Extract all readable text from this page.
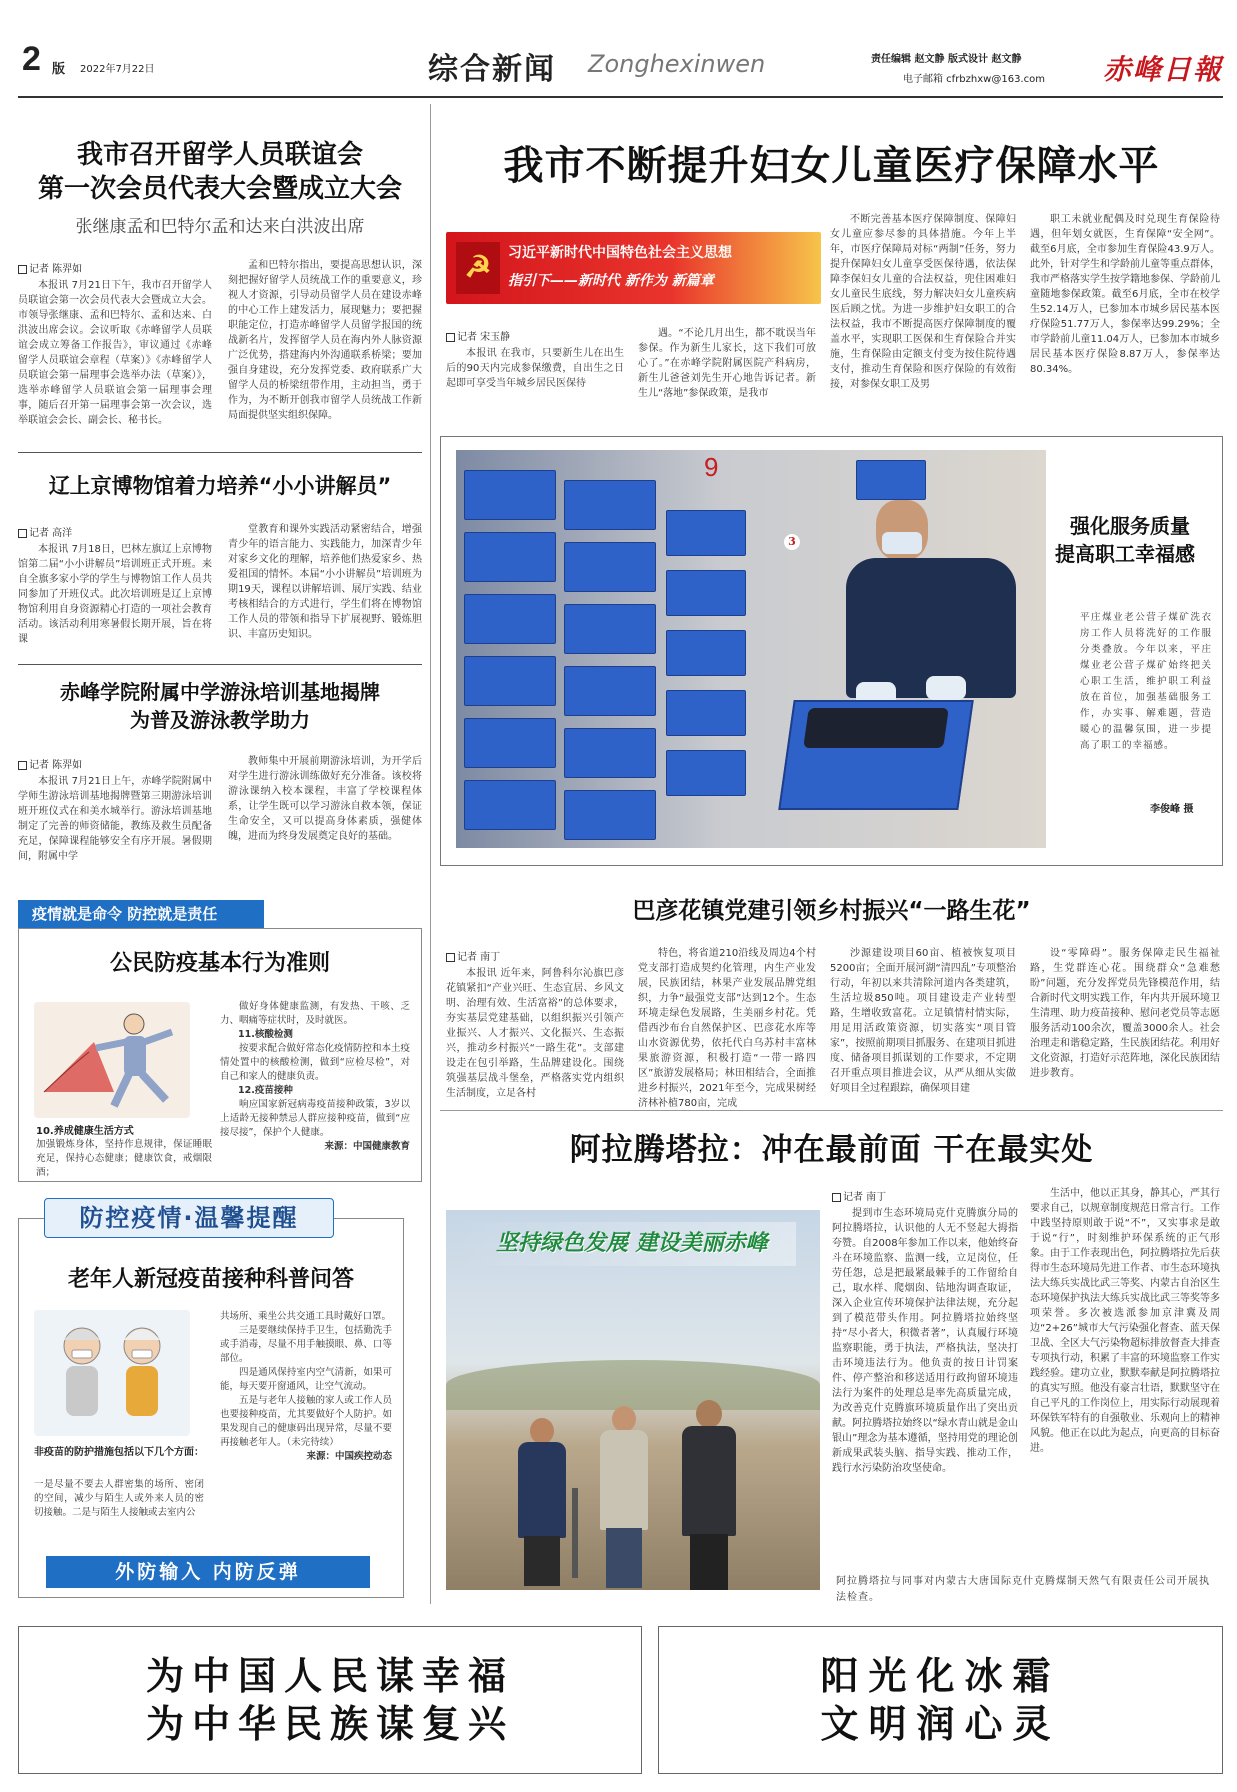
2 版 2022年7月22日	综合新闻 Zonghexinwen	责任编辑 赵文静 版式设计 赵文静
电子邮箱 cfrbzhxw@163.com 赤峰日報
我市召开留学人员联谊会
第一次会员代表大会暨成立大会
张继康孟和巴特尔孟和达来白洪波出席
记者 陈羿如

本报讯 7月21日下午，我市召开留学人员联谊会第一次会员代表大会暨成立大会。市领导张继康、孟和巴特尔、孟和达来、白洪波出席会议。会议听取《赤峰留学人员联谊会成立筹备工作报告》，审议通过《赤峰留学人员联谊会章程（草案）》《赤峰留学人员联谊会第一届理事会选举办法（草案）》，选举赤峰留学人员联谊会第一届理事会理事，随后召开第一届理事会第一次会议，选举联谊会会长、副会长、秘书长。

孟和巴特尔指出，要提高思想认识，深刻把握好留学人员统战工作的重要意义，珍视人才资源，引导动员留学人员在建设赤峰的中心工作上建发活力，展现魅力；要把握职能定位，打造赤峰留学人员留学报国的统战新名片，发挥留学人员在海内外人脉资源广泛优势，搭建海内外沟通联系桥梁；要加强自身建设，充分发挥党委、政府联系广大留学人员的桥梁纽带作用，主动担当，勇于作为，为不断开创我市留学人员统战工作新局面提供坚实组织保障。

辽上京博物馆着力培养“小小讲解员”
记者 高洋

本报讯 7月18日，巴林左旗辽上京博物馆第二届“小小讲解员”培训班正式开班。来自全旗多家小学的学生与博物馆工作人员共同参加了开班仪式。此次培训班是辽上京博物馆利用自身资源精心打造的一项社会教育活动。该活动利用寒暑假长期开展，旨在将课

堂教育和课外实践活动紧密结合，增强青少年的语言能力、实践能力，加深青少年对家乡文化的理解，培养他们热爱家乡、热爱祖国的情怀。本届“小小讲解员”培训班为期19天，课程以讲解培训、展厅实践、结业考核相结合的方式进行，学生们将在博物馆工作人员的带领和指导下扩展视野、锻炼胆识、丰富历史知识。

赤峰学院附属中学游泳培训基地揭牌
为普及游泳教学助力
记者 陈羿如

本报讯 7月21日上午，赤峰学院附属中学师生游泳培训基地揭牌暨第三期游泳培训班开班仪式在和美水城举行。游泳培训基地制定了完善的师资储能，教练及救生员配备充足，保障课程能够安全有序开展。暑假期间，附属中学

教师集中开展前期游泳培训，为开学后对学生进行游泳训练做好充分准备。该校将游泳课纳入校本课程，丰富了学校课程体系，让学生既可以学习游泳自救本领，保证生命安全，又可以提高身体素质，强健体魄，进而为终身发展奠定良好的基础。

疫情就是命令 防控就是责任
公民防疫基本行为准则
10.养成健康生活方式
加强锻炼身体，坚持作息规律，保证睡眠充足，保持心态健康；健康饮食，戒烟限酒；

做好身体健康监测，有发热、干咳、乏力、咽痛等症状时，及时就医。

11.核酸检测

按要求配合做好常态化疫情防控和本土疫情处置中的核酸检测，做到“应检尽检”，对自己和家人的健康负责。

12.疫苗接种

响应国家新冠病毒疫苗接种政策，3岁以上适龄无接种禁忌人群应接种疫苗，做到“应接尽接”，保护个人健康。

来源：中国健康教育
防控疫情·温馨提醒
老年人新冠疫苗接种科普问答
非疫苗的防护措施包括以下几个方面：
一是尽量不要去人群密集的场所、密闭的空间，减少与陌生人或外来人员的密切接触。二是与陌生人接触或去室内公
共场所、乘坐公共交通工具时戴好口罩。

三是要继续保持手卫生，包括勤洗手或手消毒，尽量不用手触摸眼、鼻、口等部位。

四是通风保持室内空气清新，如果可能，每天要开窗通风，让空气流动。

五是与老年人接触的家人或工作人员也要接种疫苗，尤其要做好个人防护。如果发现自己的健康码出现异常，尽量不要再接触老年人。（未完待续）

来源：中国疾控动态
外防输入 内防反弹
我市不断提升妇女儿童医疗保障水平
☭	习近平新时代中国特色社会主义思想
指引下——新时代 新作为 新篇章
记者 宋玉静

本报讯 在我市，只要新生儿在出生后的90天内完成参保缴费，自出生之日起即可享受当年城乡居民医保待

遇。“不论几月出生，都不耽误当年参保。作为新生儿家长，这下我们可放心了。”在赤峰学院附属医院产科病房，新生儿爸爸刘先生开心地告诉记者。新生儿“落地”参保政策，是我市

不断完善基本医疗保障制度、保障妇女儿童应参尽参的具体措施。今年上半年，市医疗保障局对标“两制”任务，努力提升保障妇女儿童享受医保待遇，依法保障李保妇女儿童的合法权益，兜住困难妇女儿童民生底线，努力解决妇女儿童疾病医后顾之忧。为进一步维护妇女职工的合法权益，我市不断提高医疗保障制度的覆盖水平，实现职工医保和生育保险合并实施，生育保险由定额支付变为按住院待遇支付，推动生育保险和医疗保险的有效衔接，对参保女职工及男

职工未就业配偶及时兑现生育保险待遇，但年划女就医，生育保障“安全网”。截至6月底，全市参加生育保险43.9万人。此外，针对学生和学龄前儿童等重点群体，我市严格落实学生按学籍地参保、学龄前儿童随地参保政策。截至6月底，全市在校学生52.14万人，已参加本市城乡居民基本医疗保险51.77万人，参保率达99.29%；全市学龄前儿童11.04万人，已参加本市城乡居民基本医疗保险8.87万人，参保率达80.34%。

9
3
强化服务质量
提高职工幸福感
平庄煤业老公营子煤矿洗衣房工作人员将洗好的工作服分类叠放。今年以来，平庄煤业老公营子煤矿始终把关心职工生活，维护职工利益放在首位，加强基础服务工作，办实事、解难题，营造暖心的温馨氛围，进一步提高了职工的幸福感。
李俊峰 摄
巴彦花镇党建引领乡村振兴“一路生花”
记者 南丁

本报讯 近年来，阿鲁科尔沁旗巴彦花镇紧扣“产业兴旺、生态宜居、乡风文明、治理有效、生活富裕”的总体要求，夯实基层党建基础，以组织振兴引领产业振兴、人才振兴、文化振兴、生态振兴，推动乡村振兴“一路生花”。支部建设走在包引举路，生品牌建设化。围绕筑强基层战斗堡垒，严格落实党内组织生活制度，立足各村

特色，将省道210沿线及周边4个村党支部打造成契约化管理，内生产业发展，民族团结，林果产业发展品牌党组织，力争“最强党支部”达到12个。生态环境走绿色发展路，生美丽乡村花。凭借西沙布台自然保护区、巴彦花水库等山水资源优势，依托代白乌苏村丰富林果旅游资源，积极打造“一带一路四区”旅游发展格局；林田相结合，全面推进乡村振兴，2021年至今，完成果树经济林补植780亩，完成

沙源建设项目60亩、植被恢复项目5200亩；全面开展河湖“清四乱”专项整治行动，年初以来共清除河道内各类建筑，生活垃圾850吨。项目建设走产业转型路，生增收致富花。立足镇情村情实际，用足用活政策资源，切实落实“项目管家”，按照前期项目抓服务、在建项目抓进度、储备项目抓谋划的工作要求，不定期召开重点项目推进会议，从严从细从实做好项目全过程跟踪，确保项目建

设“零障碍”。服务保障走民生福祉路，生党群连心花。围绕群众“急难愁盼”问题，充分发挥党员先锋模范作用，结合新时代文明实践工作，年内共开展环境卫生清理、助力疫苗接种、慰问老党员等志愿服务活动100余次，覆盖3000余人。社会治理走和谐稳定路，生民族团结花。利用好文化资源，打造好示范阵地，深化民族团结进步教育。

阿拉腾塔拉：冲在最前面 干在最实处
坚持绿色发展 建设美丽赤峰
阿拉腾塔拉与同事对内蒙古大唐国际克什克腾煤制天然气有限责任公司开展执法检查。
记者 南丁

提到市生态环境局克什克腾旗分局的阿拉腾塔拉，认识他的人无不竖起大拇指夸赞。自2008年参加工作以来，他始终奋斗在环境监察、监测一线，立足岗位，任劳任怨，总是把最紧最棘手的工作留给自己，取水样、爬烟囱、钻地沟调查取证，深入企业宣传环境保护法律法规，充分起到了模范带头作用。阿拉腾塔拉始终坚持“尽小者大，积微者著”，认真履行环境监察职能，勇于执法，严格执法，坚决打击环境违法行为。他负责的按日计罚案件、停产整治和移送适用行政拘留环境违法行为案件的处理总是率先高质量完成，为改善克什克腾旗环境质量作出了突出贡献。阿拉腾塔拉始终以“绿水青山就是金山银山”理念为基本遵循，坚持用党的理论创新成果武装头脑、指导实践、推动工作，践行水污染防治攻坚使命。

生活中，他以正其身，静其心，严其行要求自己，以规章制度规范日常言行。工作中践坚持原则敢于说“不”，又实事求是敢于说“行”，时刻维护环保系统的正气形象。由于工作表现出色，阿拉腾塔拉先后获得市生态环境局先进工作者、市生态环境执法大练兵实战比武三等奖、内蒙古自治区生态环境保护执法大练兵实战比武三等奖等多项荣誉。多次被选派参加京津冀及周边“2+26”城市大气污染强化督查、蓝天保卫战、全区大气污染物超标排放督查大排查专项执行动，积累了丰富的环境监察工作实践经验。建功立业，默默奉献是阿拉腾塔拉的真实写照。他没有豪言壮语，默默坚守在自己平凡的工作岗位上，用实际行动展现着环保铁军特有的自强敬业、乐观向上的精神风貌。他正在以此为起点，向更高的目标奋进。

为中国人民谋幸福
为中华民族谋复兴
阳光化冰霜
文明润心灵
